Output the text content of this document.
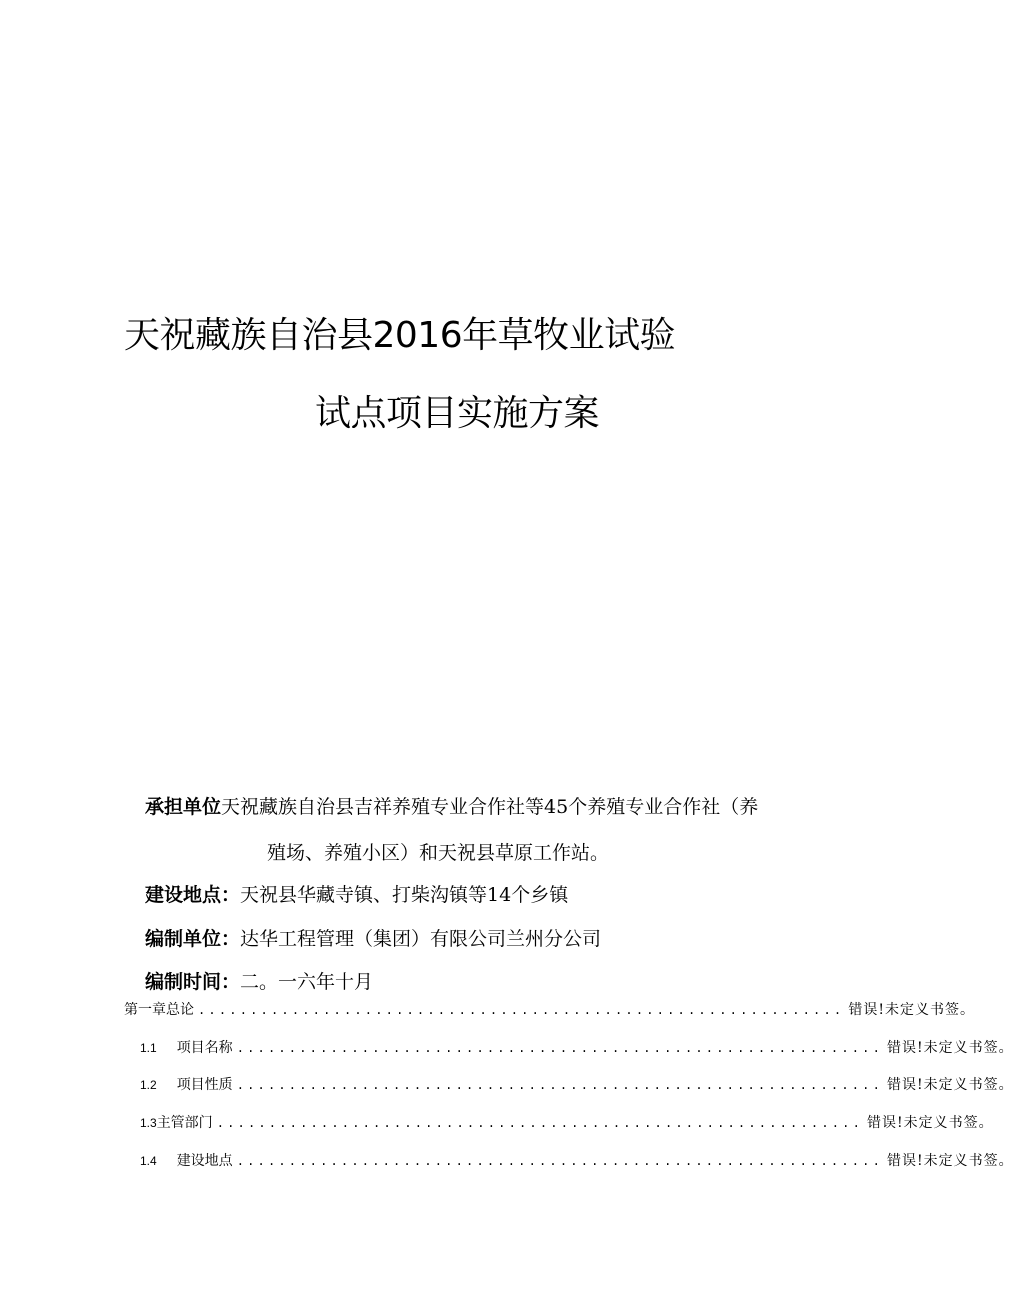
天祝藏族自治县2016年草牧业试验
试点项目实施方案
承担单位天祝藏族自治县吉祥养殖专业合作社等45个养殖专业合作社（养
殖场、养殖小区）和天祝县草原工作站。
建设地点：天祝县华藏寺镇、打柴沟镇等14个乡镇
编制单位：达华工程管理（集团）有限公司兰州分公司
编制时间：二。一六年十月
第一章总论 .............................................................. 错误!未定义书签。
1.1 项目名称 .............................................................. 错误!未定义书签。
1.2 项目性质 .............................................................. 错误!未定义书签。
1.3 主管部门 .............................................................. 错误!未定义书签。
1.4 建设地点 .............................................................. 错误!未定义书签。
